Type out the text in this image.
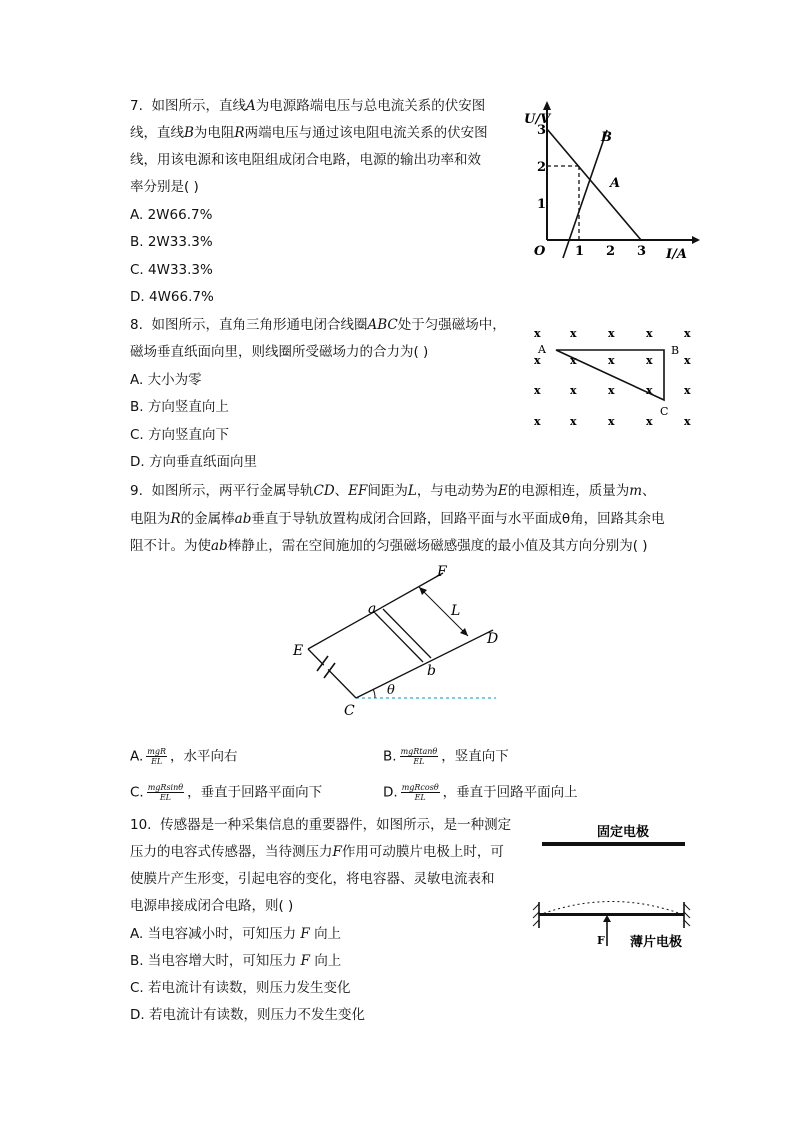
7. 如图所示，直线A为电源路端电压与总电流关系的伏安图
线，直线B为电阻R两端电压与通过该电阻电流关系的伏安图
线，用该电源和该电阻组成闭合电路，电源的输出功率和效
率分别是( )
A. 2W66.7%
B. 2W33.3%
C. 4W33.3%
D. 4W66.7%
U/V
I/A
O
1
2
3
1 2 3
A
B
8. 如图所示，直角三角形通电闭合线圈ABC处于匀强磁场中，
磁场垂直纸面向里，则线圈所受磁场力的合力为( )
A. 大小为零
B. 方向竖直向上
C. 方向竖直向下
D. 方向垂直纸面向里
x	x	x	x	x
x	x	x	x	x
x	x	x	x	x
x	x	x	x	x
A	B
C
9. 如图所示，两平行金属导轨CD、EF间距为L，与电动势为E的电源相连，质量为m、
电阻为R的金属棒ab垂直于导轨放置构成闭合回路，回路平面与水平面成θ角，回路其余电
阻不计。为使ab棒静止，需在空间施加的匀强磁场磁感强度的最小值及其方向分别为( )
F
a	L
D
E
b
θ
C
A. $\frac{\text{mgR}}{EL}$ ，水平向右	B. $\frac{\text{mgRtanθ}}{EL}$ ，竖直向下
C. $\frac{\text{mgRsinθ}}{EL}$ ，垂直于回路平面向下	D. $\frac{\text{mgRcosθ}}{EL}$ ，垂直于回路平面向上
10. 传感器是一种采集信息的重要器件，如图所示，是一种测定
压力的电容式传感器，当待测压力F作用可动膜片电极上时，可
使膜片产生形变，引起电容的变化，将电容器、灵敏电流表和
电源串接成闭合电路，则( )
A. 当电容减小时，可知压力 F 向上
B. 当电容增大时，可知压力 F 向上
C. 若电流计有读数，则压力发生变化
D. 若电流计有读数，则压力不发生变化
固定电极
F 薄片电极
